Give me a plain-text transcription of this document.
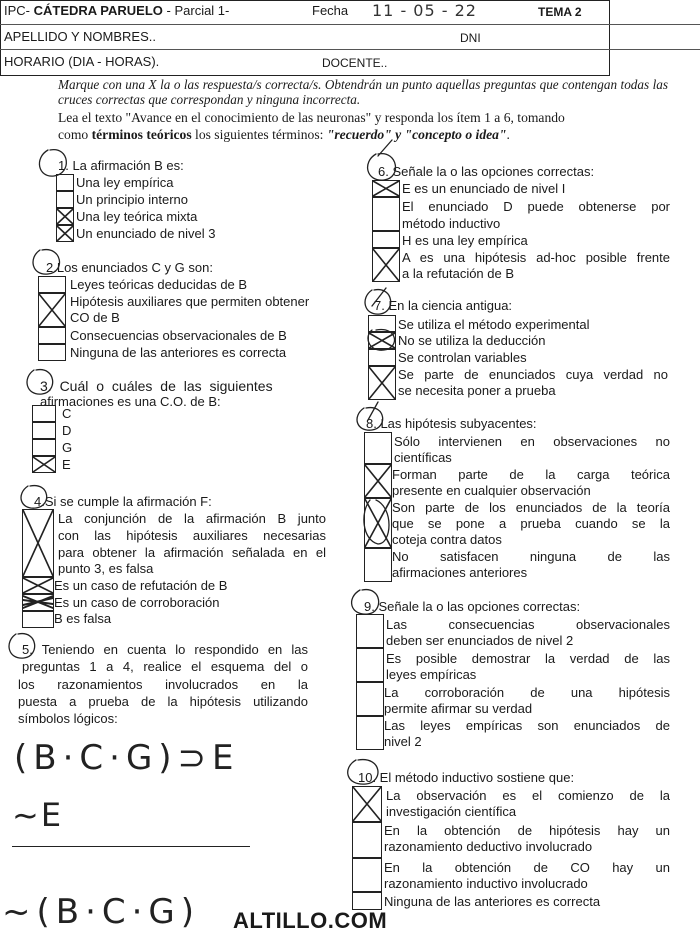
IPC- CÁTEDRA PARUELO - Parcial 1-	Fecha 11 - 05 - 22	TEMA 2
APELLIDO Y NOMBRES..	DNI
HORARIO (DIA - HORAS).	DOCENTE..
Marque con una X la o las respuesta/s correcta/s. Obtendrán un punto aquellas preguntas que contengan todas las cruces correctas que correspondan y ninguna incorrecta.
Lea el texto "Avance en el conocimiento de las neuronas" y responda los ítem 1 a 6, tomando
como términos teóricos los siguientes términos: "recuerdo" y "concepto o idea".
1. La afirmación B es:
Una ley empírica
Un principio interno
Una ley teórica mixta
Un enunciado de nivel 3
2.Los enunciados C y G son:
Leyes teóricas deducidas de B
Hipótesis auxiliares que permiten obtener
CO de B
Consecuencias observacionales de B
Ninguna de las anteriores es correcta
3. Cuál o cuáles de las siguientes
afirmaciones es una C.O. de B:
C
D
G
E
4.Si se cumple la afirmación F:
La conjunción de la afirmación B junto
con las hipótesis auxiliares necesarias
para obtener la afirmación señalada en el
punto 3, es falsa
Es un caso de refutación de B
Es un caso de corroboración
B es falsa
5. Teniendo en cuenta lo respondido en las
preguntas 1 a 4, realice el esquema del o
los razonamientos involucrados en la
puesta a prueba de la hipótesis utilizando
símbolos lógicos:
(B·C·G)⊃E
~E
~(B·C·G)
6. Señale la o las opciones correctas:
E es un enunciado de nivel I
El enunciado D puede obtenerse por
método inductivo
H es una ley empírica
A es una hipótesis ad-hoc posible frente
a la refutación de B
7. En la ciencia antigua:
Se utiliza el método experimental
No se utiliza la deducción
Se controlan variables
Se parte de enunciados cuya verdad no
se necesita poner a prueba
8. Las hipótesis subyacentes:
Sólo intervienen en observaciones no
científicas
Forman parte de la carga teórica
presente en cualquier observación
Son parte de los enunciados de la teoría
que se pone a prueba cuando se la
coteja contra datos
No satisfacen ninguna de las
afirmaciones anteriores
9. Señale la o las opciones correctas:
Las consecuencias observacionales
deben ser enunciados de nivel 2
Es posible demostrar la verdad de las
leyes empíricas
La corroboración de una hipótesis
permite afirmar su verdad
Las leyes empíricas son enunciados de
nivel 2
10. El método inductivo sostiene que:
La observación es el comienzo de la
investigación científica
En la obtención de hipótesis hay un
razonamiento deductivo involucrado
En la obtención de CO hay un
razonamiento inductivo involucrado
Ninguna de las anteriores es correcta
ALTILLO.COM
